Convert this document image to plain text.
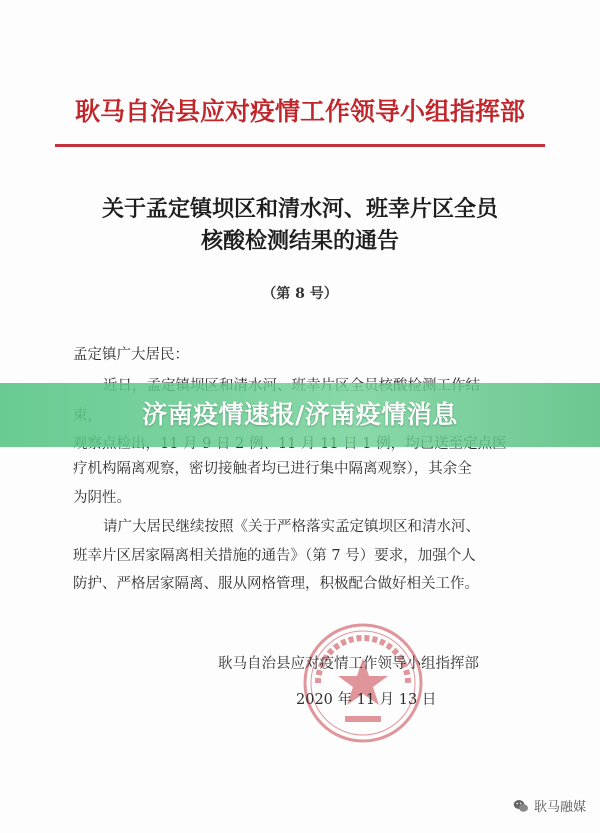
耿马自治县应对疫情工作领导小组指挥部
关于孟定镇坝区和清水河、班幸片区全员
核酸检测结果的通告
（第 8 号）
孟定镇广大居民：
疗机构隔离观察，密切接触者均已进行集中隔离观察），其余全
为阴性。
请广大居民继续按照《关于严格落实孟定镇坝区和清水河、
班幸片区居家隔离相关措施的通告》（第 7 号）要求，加强个人
防护、严格居家隔离、服从网格管理，积极配合做好相关工作。
耿马自治县应对疫情工作领导小组指挥部
2020 年 11 月 13 日
耿马融媒
济南疫情速报/济南疫情消息
